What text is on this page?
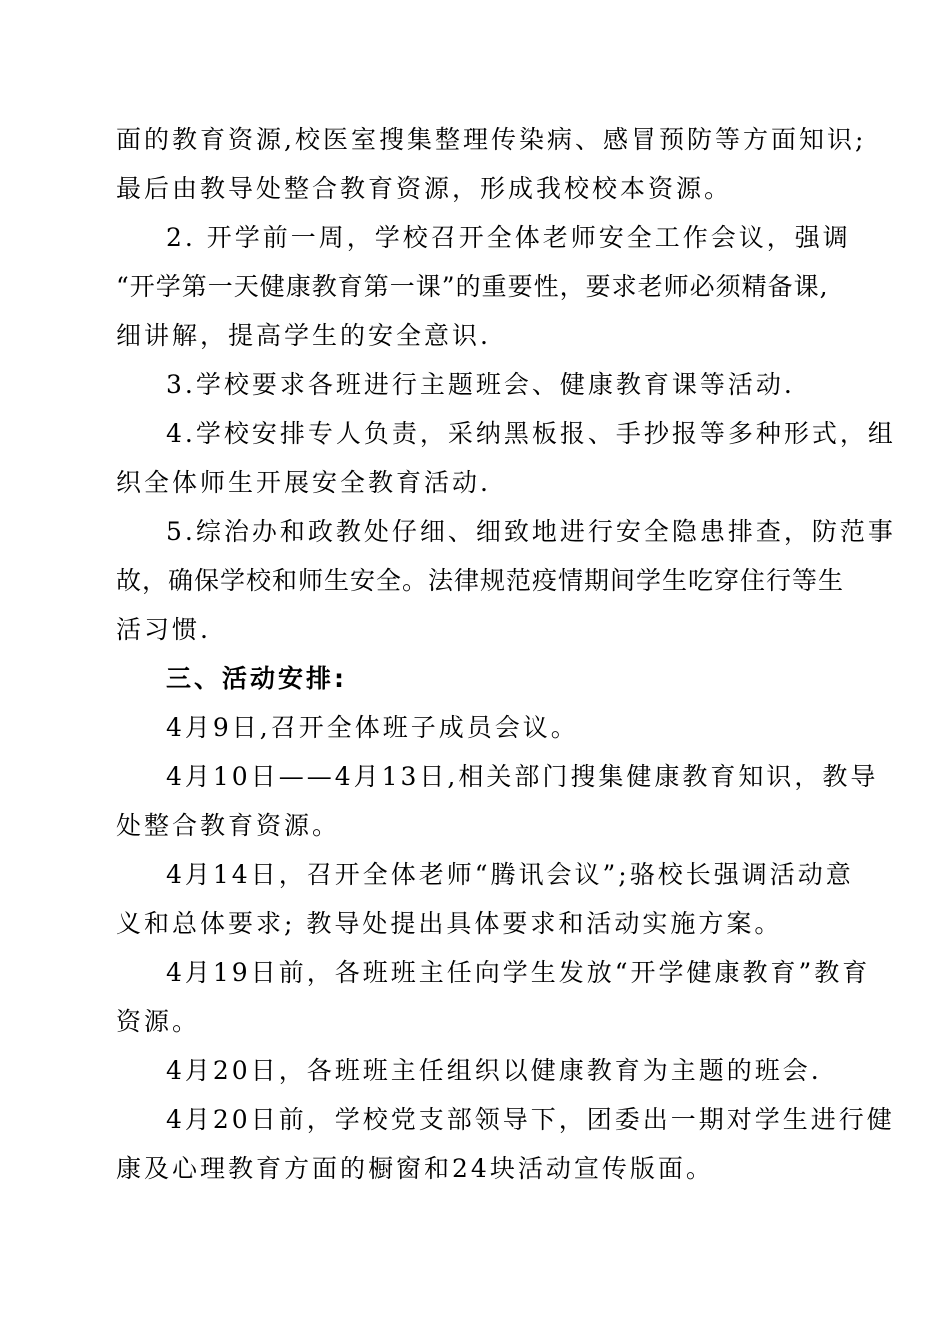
面的教育资源,校医室搜集整理传染病、感冒预防等方面知识;
最后由教导处整合教育资源，形成我校校本资源。
2. 开学前一周，学校召开全体老师安全工作会议，强调
“开学第一天健康教育第一课”的重要性，要求老师必须精备课,
细讲解，提高学生的安全意识.
3.学校要求各班进行主题班会、健康教育课等活动.
4.学校安排专人负责，采纳黑板报、手抄报等多种形式，组
织全体师生开展安全教育活动.
5.综治办和政教处仔细、细致地进行安全隐患排查，防范事
故，确保学校和师生安全。法律规范疫情期间学生吃穿住行等生
活习惯.
三、活动安排:
4月9日,召开全体班子成员会议。
4月10日——4月13日,相关部门搜集健康教育知识，教导
处整合教育资源。
4月14日，召开全体老师“腾讯会议”;骆校长强调活动意
义和总体要求; 教导处提出具体要求和活动实施方案。
4月19日前，各班班主任向学生发放“开学健康教育”教育
资源。
4月20日，各班班主任组织以健康教育为主题的班会.
4月20日前，学校党支部领导下，团委出一期对学生进行健
康及心理教育方面的橱窗和24块活动宣传版面。
